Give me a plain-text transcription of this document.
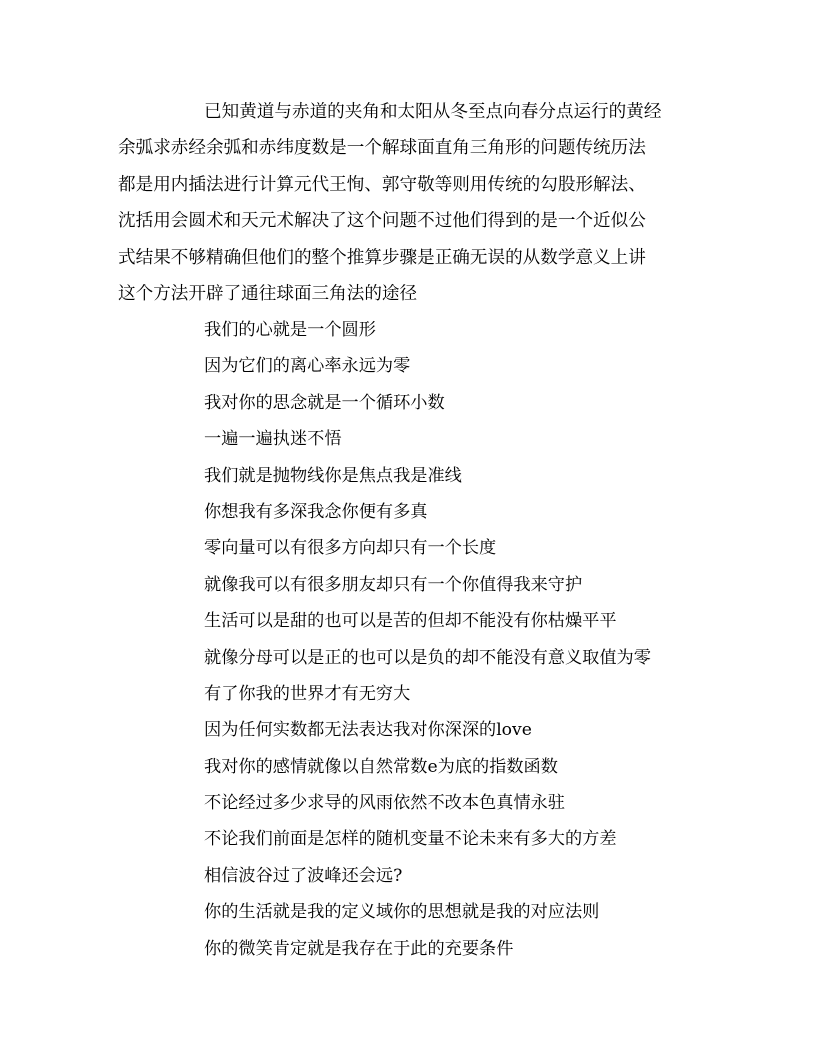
已知黄道与赤道的夹角和太阳从冬至点向春分点运行的黄经
余弧求赤经余弧和赤纬度数是一个解球面直角三角形的问题传统历法
都是用内插法进行计算元代王恂、郭守敬等则用传统的勾股形解法、
沈括用会圆术和天元术解决了这个问题不过他们得到的是一个近似公
式结果不够精确但他们的整个推算步骤是正确无误的从数学意义上讲
这个方法开辟了通往球面三角法的途径
我们的心就是一个圆形
因为它们的离心率永远为零
我对你的思念就是一个循环小数
一遍一遍执迷不悟
我们就是抛物线你是焦点我是准线
你想我有多深我念你便有多真
零向量可以有很多方向却只有一个长度
就像我可以有很多朋友却只有一个你值得我来守护
生活可以是甜的也可以是苦的但却不能没有你枯燥平平
就像分母可以是正的也可以是负的却不能没有意义取值为零
有了你我的世界才有无穷大
因为任何实数都无法表达我对你深深的love
我对你的感情就像以自然常数e为底的指数函数
不论经过多少求导的风雨依然不改本色真情永驻
不论我们前面是怎样的随机变量不论未来有多大的方差
相信波谷过了波峰还会远?
你的生活就是我的定义域你的思想就是我的对应法则
你的微笑肯定就是我存在于此的充要条件
